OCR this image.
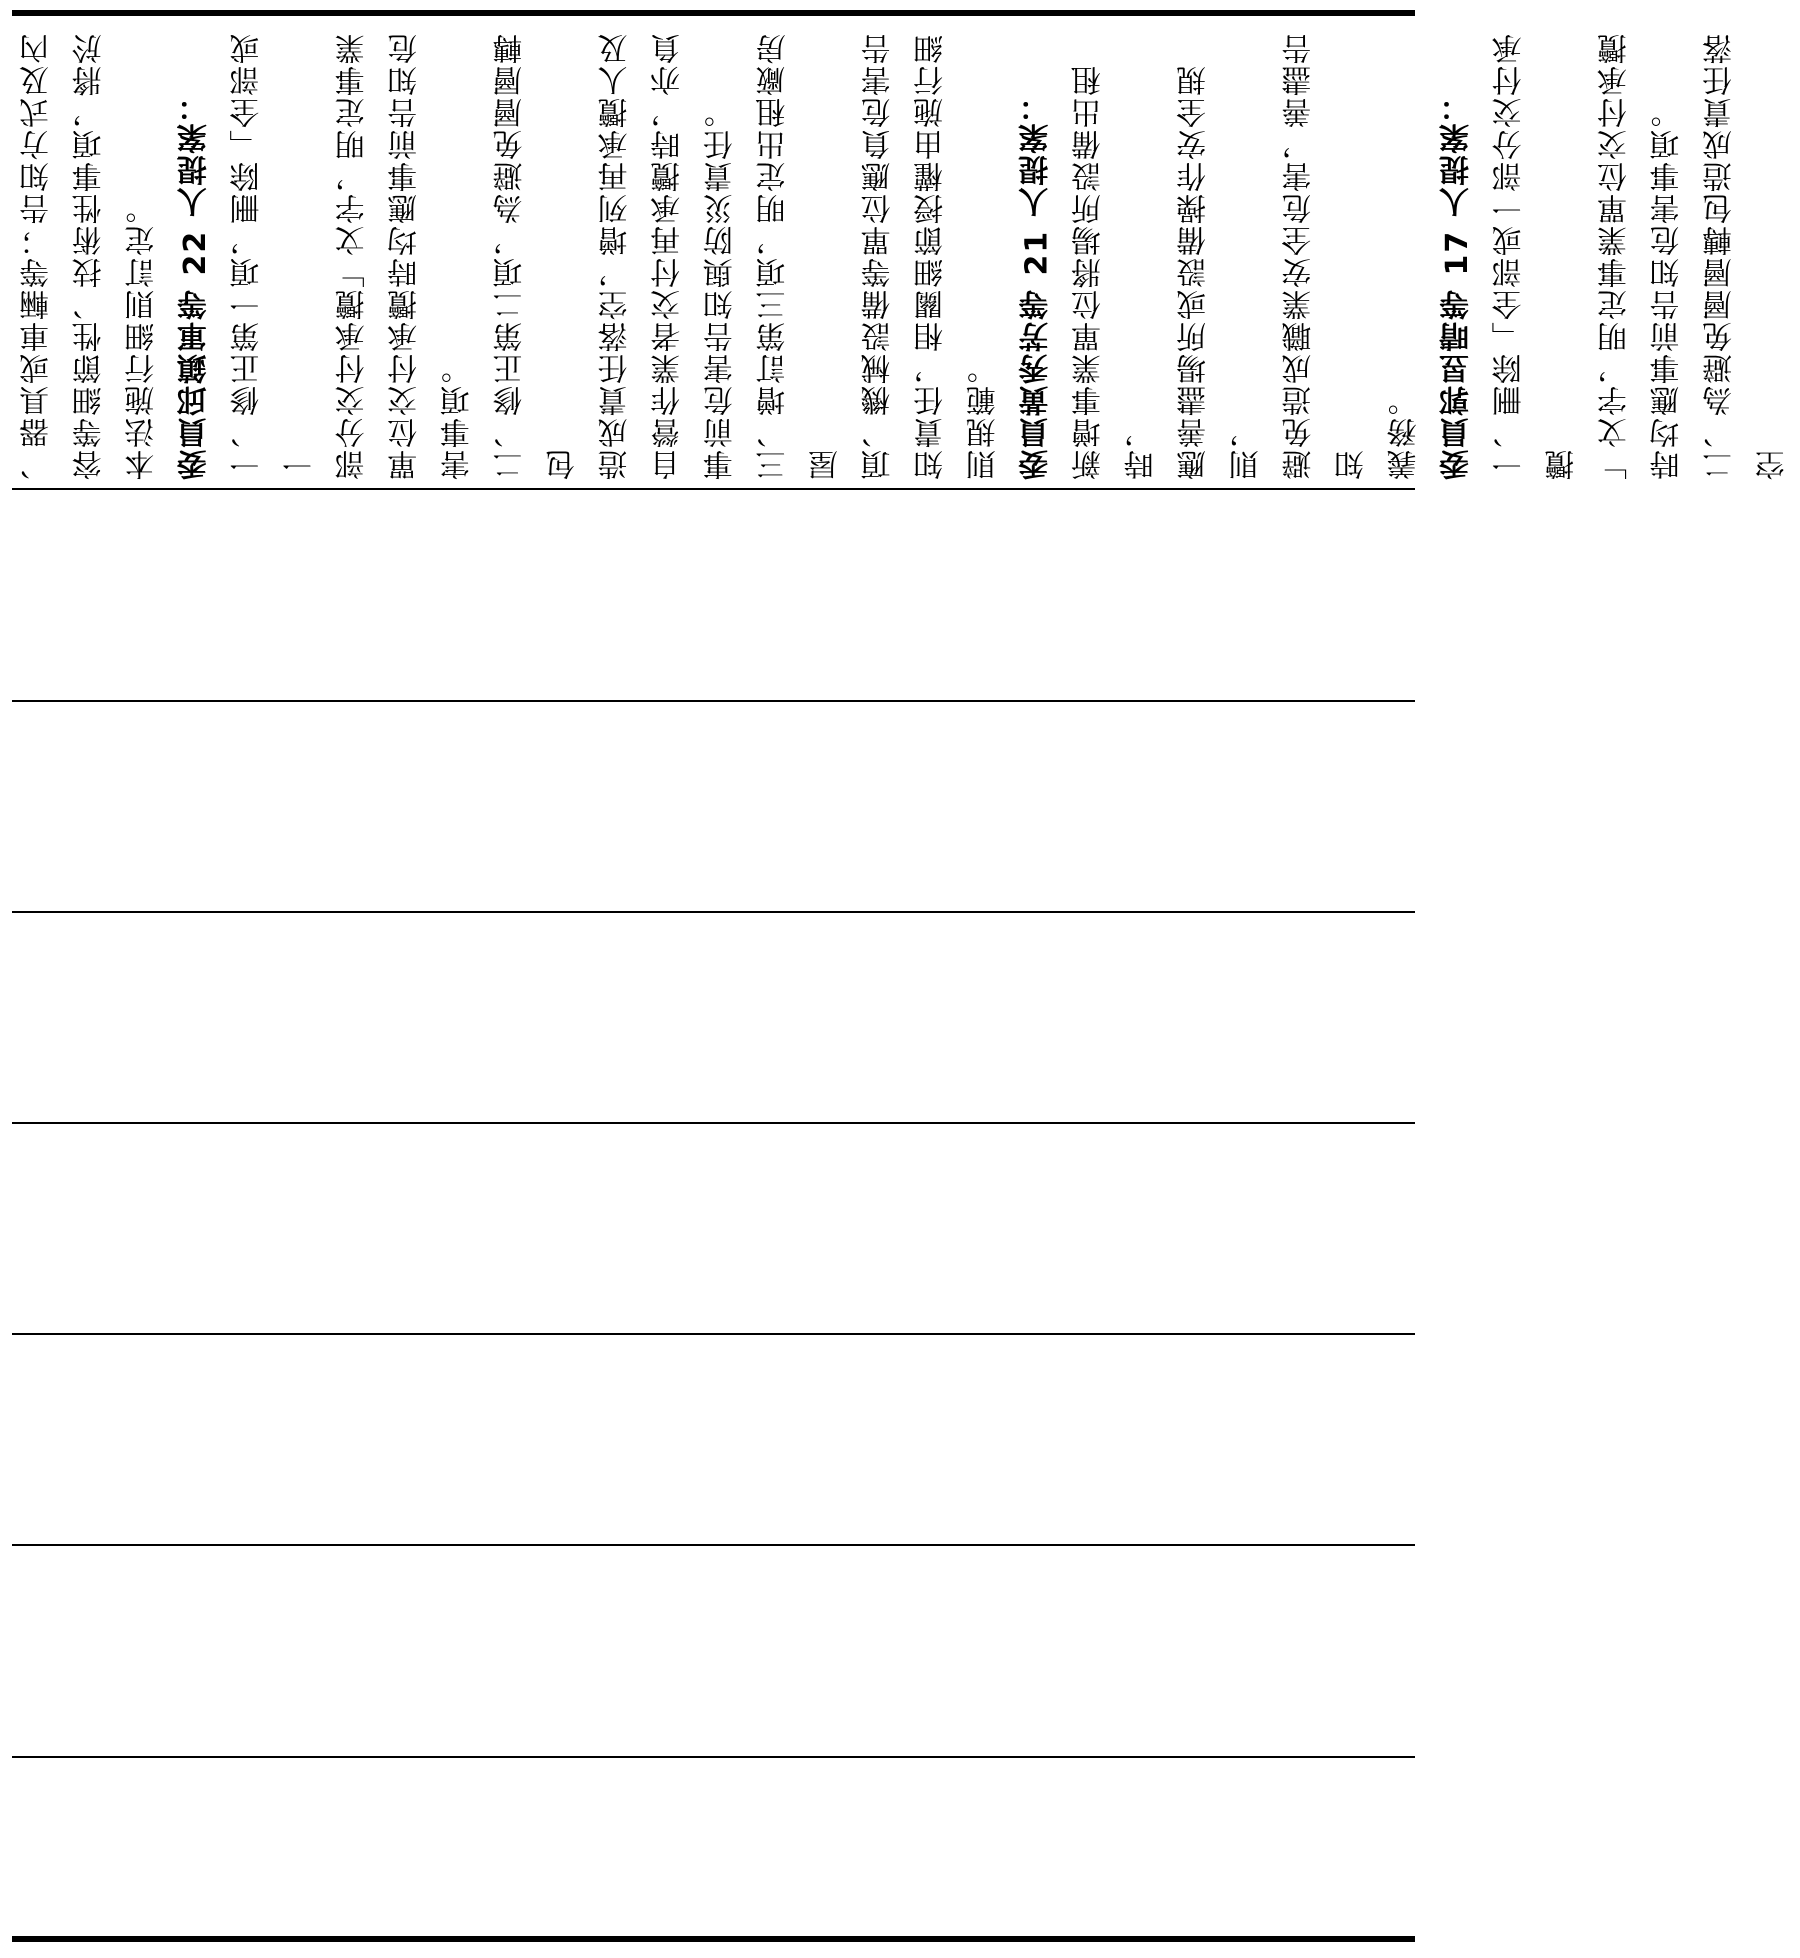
、器具或車輛等；告知方式及內 容等細節性、技術性事項，將於 本法施行細則訂定。 委員邱鎮軍等 22 人提案： 一、修正第一項，刪除「全部或一 部分交付承攬」文字，明定事業 單位交付承攬時均應事前告知危 害事項。 二、修正第二項，為避免層層轉包 造成責任落空，增列再承攬人及 自營作業者交付再承攬時，亦負 事前危害告知與防災責任。 三、增訂第三項，明定出租廠房屋 頂、機械設備等單位應負危害告 知責任，相關細節授權由施行細 則規範。 委員黃秀芳等 21 人提案： 新增事業單位將場所設備出租時， 應善盡場所或設備操作安全規則， 避免造成職業安全危害，善盡告知 義務。 委員郭昱晴等 17 人提案： 一、刪除「全部或一部分交付承攬 」文字，明定事業單位交付承攬 時均應事前告知危害事項。 二、為避免層層轉包造成責任落空
